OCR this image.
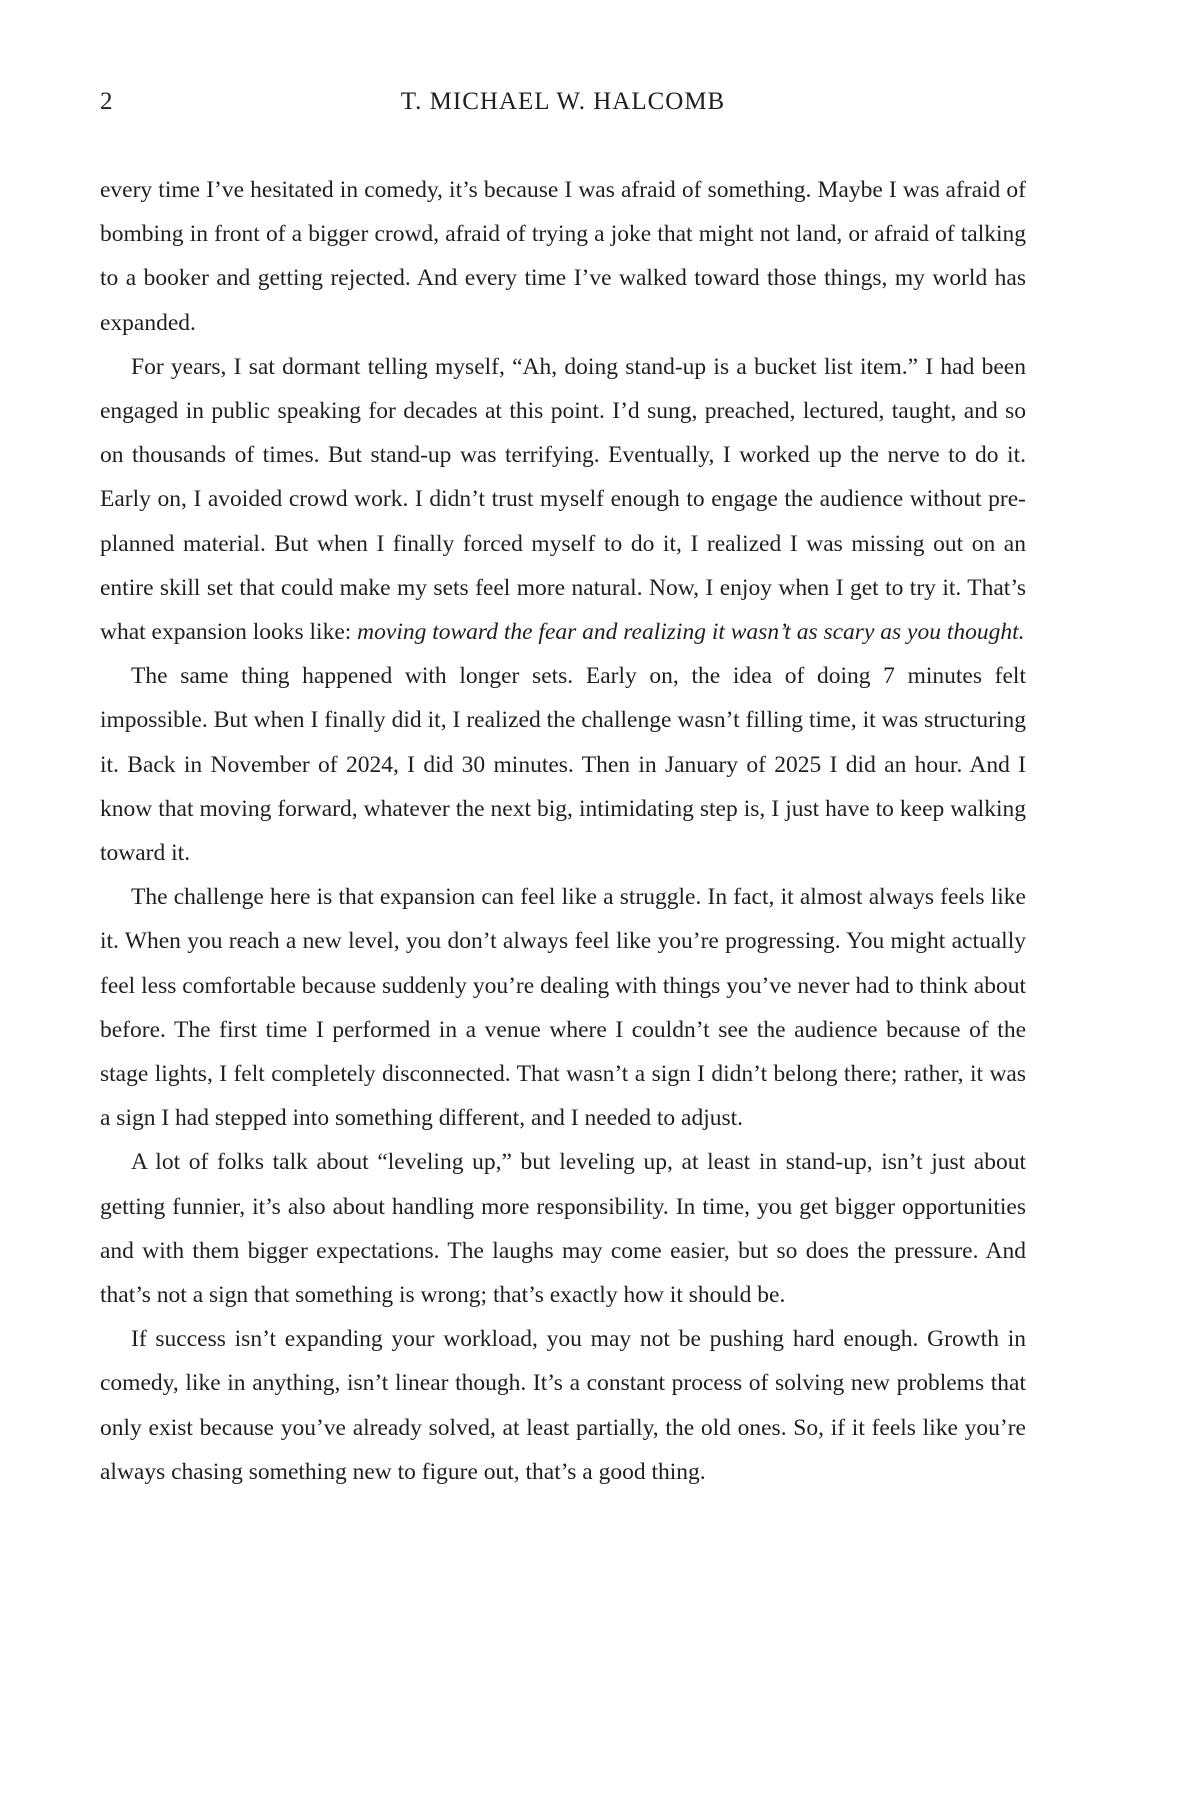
2	T. MICHAEL W. HALCOMB

every time I’ve hesitated in comedy, it’s because I was afraid of something. Maybe I was afraid of bombing in front of a bigger crowd, afraid of trying a joke that might not land, or afraid of talking to a booker and getting rejected. And every time I’ve walked toward those things, my world has expanded.

For years, I sat dormant telling myself, “Ah, doing stand-up is a bucket list item.” I had been engaged in public speaking for decades at this point. I’d sung, preached, lectured, taught, and so on thousands of times. But stand-up was terrifying. Eventually, I worked up the nerve to do it. Early on, I avoided crowd work. I didn’t trust myself enough to engage the audience without pre-planned material. But when I finally forced myself to do it, I realized I was missing out on an entire skill set that could make my sets feel more natural. Now, I enjoy when I get to try it. That’s what expansion looks like: moving toward the fear and realizing it wasn’t as scary as you thought.

The same thing happened with longer sets. Early on, the idea of doing 7 minutes felt impossible. But when I finally did it, I realized the challenge wasn’t filling time, it was structuring it. Back in November of 2024, I did 30 minutes. Then in January of 2025 I did an hour. And I know that moving forward, whatever the next big, intimidating step is, I just have to keep walking toward it.

The challenge here is that expansion can feel like a struggle. In fact, it almost always feels like it. When you reach a new level, you don’t always feel like you’re progressing. You might actually feel less comfortable because suddenly you’re dealing with things you’ve never had to think about before. The first time I performed in a venue where I couldn’t see the audience because of the stage lights, I felt completely disconnected. That wasn’t a sign I didn’t belong there; rather, it was a sign I had stepped into something different, and I needed to adjust.

A lot of folks talk about “leveling up,” but leveling up, at least in stand-up, isn’t just about getting funnier, it’s also about handling more responsibility. In time, you get bigger opportunities and with them bigger expectations. The laughs may come easier, but so does the pressure. And that’s not a sign that something is wrong; that’s exactly how it should be.

If success isn’t expanding your workload, you may not be pushing hard enough. Growth in comedy, like in anything, isn’t linear though. It’s a constant process of solving new problems that only exist because you’ve already solved, at least partially, the old ones. So, if it feels like you’re always chasing something new to figure out, that’s a good thing.
